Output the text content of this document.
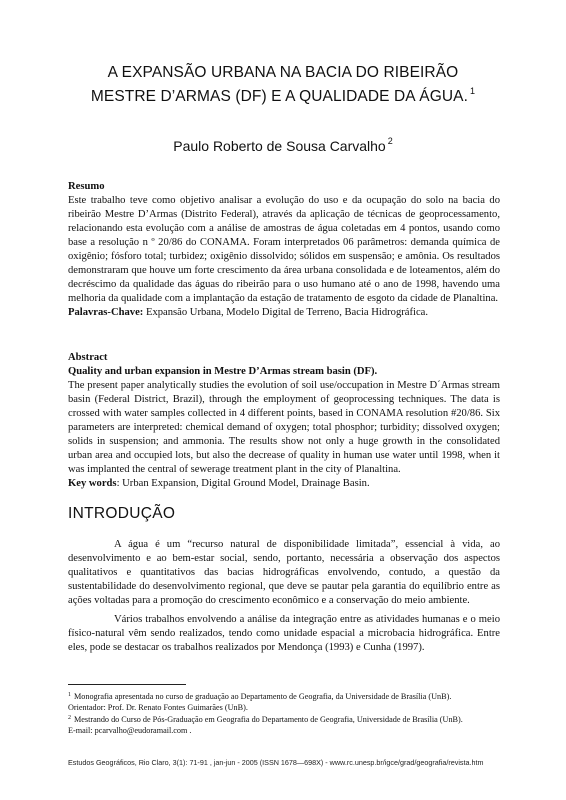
A EXPANSÃO URBANA NA BACIA DO RIBEIRÃO
MESTRE D’ARMAS (DF) E A QUALIDADE DA ÁGUA. $^1$
Paulo Roberto de Sousa Carvalho $^2$
Resumo
Este trabalho teve como objetivo analisar a evolução do uso e da ocupação do solo na bacia do ribeirão Mestre D’Armas (Distrito Federal), através da aplicação de técnicas de geoprocessamento, relacionando esta evolução com a análise de amostras de água coletadas em 4 pontos, usando como base a resolução n º 20/86 do CONAMA. Foram interpretados 06 parâmetros: demanda química de oxigênio; fósforo total; turbidez; oxigênio dissolvido; sólidos em suspensão; e amônia. Os resultados demonstraram que houve um forte crescimento da área urbana consolidada e de loteamentos, além do decréscimo da qualidade das águas do ribeirão para o uso humano até o ano de 1998, havendo uma melhoria da qualidade com a implantação da estação de tratamento de esgoto da cidade de Planaltina.
Palavras-Chave: Expansão Urbana, Modelo Digital de Terreno, Bacia Hidrográfica.
Abstract
Quality and urban expansion in Mestre D’Armas stream basin (DF).
The present paper analytically studies the evolution of soil use/occupation in Mestre D´Armas stream basin (Federal District, Brazil), through the employment of geoprocessing techniques. The data is crossed with water samples collected in 4 different points, based in CONAMA resolution #20/86. Six parameters are interpreted: chemical demand of oxygen; total phosphor; turbidity; dissolved oxygen; solids in suspension; and ammonia. The results show not only a huge growth in the consolidated urban area and occupied lots, but also the decrease of quality in human use water until 1998, when it was implanted the central of sewerage treatment plant in the city of Planaltina.
Key words: Urban Expansion, Digital Ground Model, Drainage Basin.
INTRODUÇÃO

A água é um “recurso natural de disponibilidade limitada”, essencial à vida, ao desenvolvimento e ao bem-estar social, sendo, portanto, necessária a observação dos aspectos qualitativos e quantitativos das bacias hidrográficas envolvendo, contudo, a questão da sustentabilidade do desenvolvimento regional, que deve se pautar pela garantia do equilíbrio entre as ações voltadas para a promoção do crescimento econômico e a conservação do meio ambiente.

Vários trabalhos envolvendo a análise da integração entre as atividades humanas e o meio físico-natural vêm sendo realizados, tendo como unidade espacial a microbacia hidrográfica. Entre eles, pode se destacar os trabalhos realizados por Mendonça (1993) e Cunha (1997).

$^1$ Monografia apresentada no curso de graduação ao Departamento de Geografia, da Universidade de Brasília (UnB).
Orientador: Prof. Dr. Renato Fontes Guimarães (UnB).
$^2$ Mestrando do Curso de Pós-Graduação em Geografia do Departamento de Geografia, Universidade de Brasília (UnB).
E-mail: pcarvalho@eudoramail.com .
Estudos Geográficos, Rio Claro, 3(1): 71-91 , jan-jun - 2005 (ISSN 1678—698X) - www.rc.unesp.br/igce/grad/geografia/revista.htm
